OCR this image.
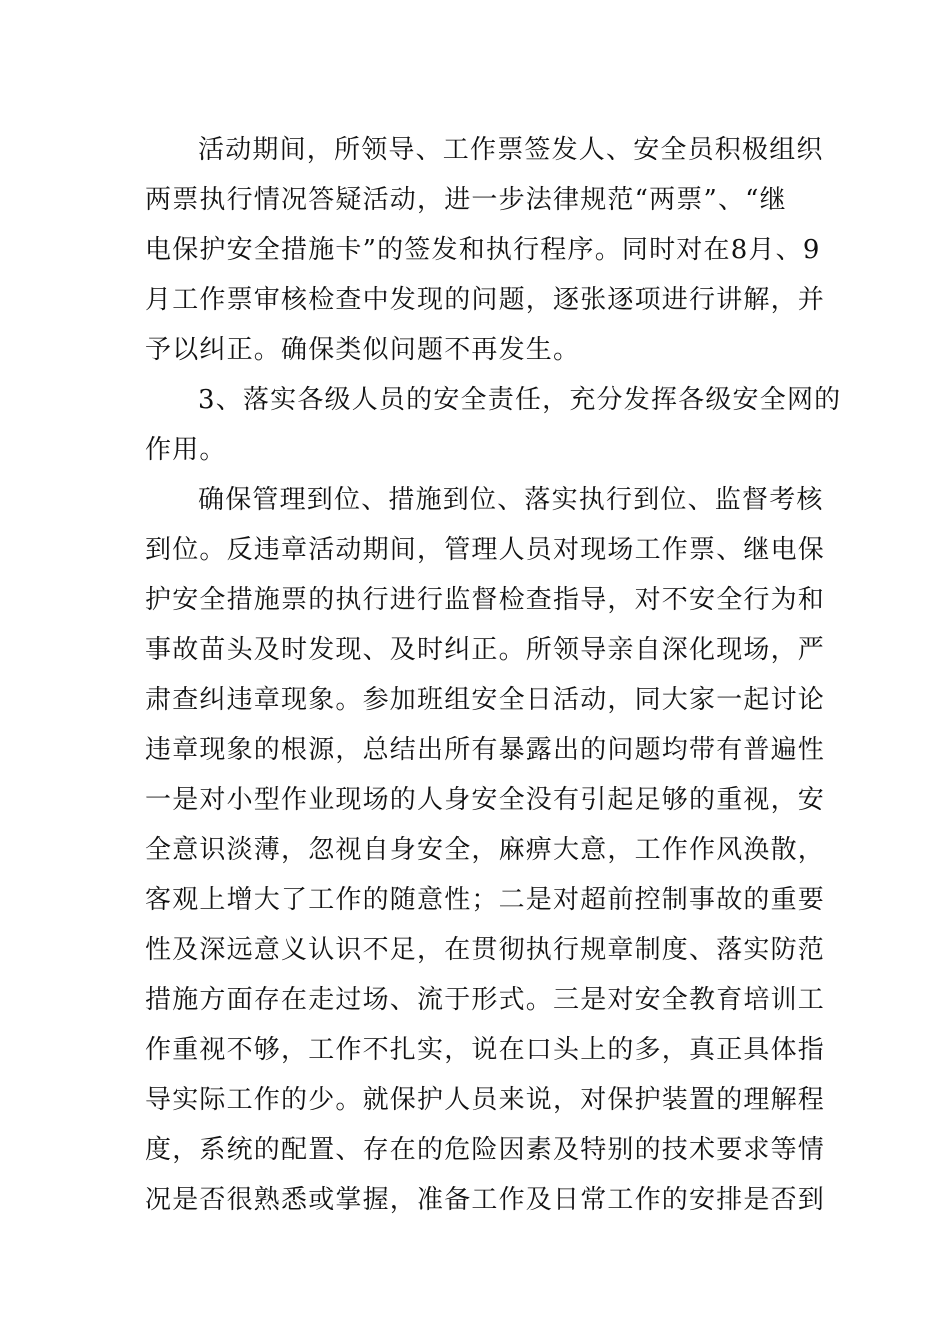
活动期间，所领导、工作票签发人、安全员积极组织
两票执行情况答疑活动，进一步法律规范“两票”、“继
电保护安全措施卡”的签发和执行程序。同时对在8月、9
月工作票审核检查中发现的问题，逐张逐项进行讲解，并
予以纠正。确保类似问题不再发生。
3、落实各级人员的安全责任，充分发挥各级安全网的
作用。
确保管理到位、措施到位、落实执行到位、监督考核
到位。反违章活动期间，管理人员对现场工作票、继电保
护安全措施票的执行进行监督检查指导，对不安全行为和
事故苗头及时发现、及时纠正。所领导亲自深化现场，严
肃查纠违章现象。参加班组安全日活动，同大家一起讨论
违章现象的根源，总结出所有暴露出的问题均带有普遍性
一是对小型作业现场的人身安全没有引起足够的重视，安
全意识淡薄，忽视自身安全，麻痹大意，工作作风涣散，
客观上增大了工作的随意性；二是对超前控制事故的重要
性及深远意义认识不足，在贯彻执行规章制度、落实防范
措施方面存在走过场、流于形式。三是对安全教育培训工
作重视不够，工作不扎实，说在口头上的多，真正具体指
导实际工作的少。就保护人员来说，对保护装置的理解程
度，系统的配置、存在的危险因素及特别的技术要求等情
况是否很熟悉或掌握，准备工作及日常工作的安排是否到
